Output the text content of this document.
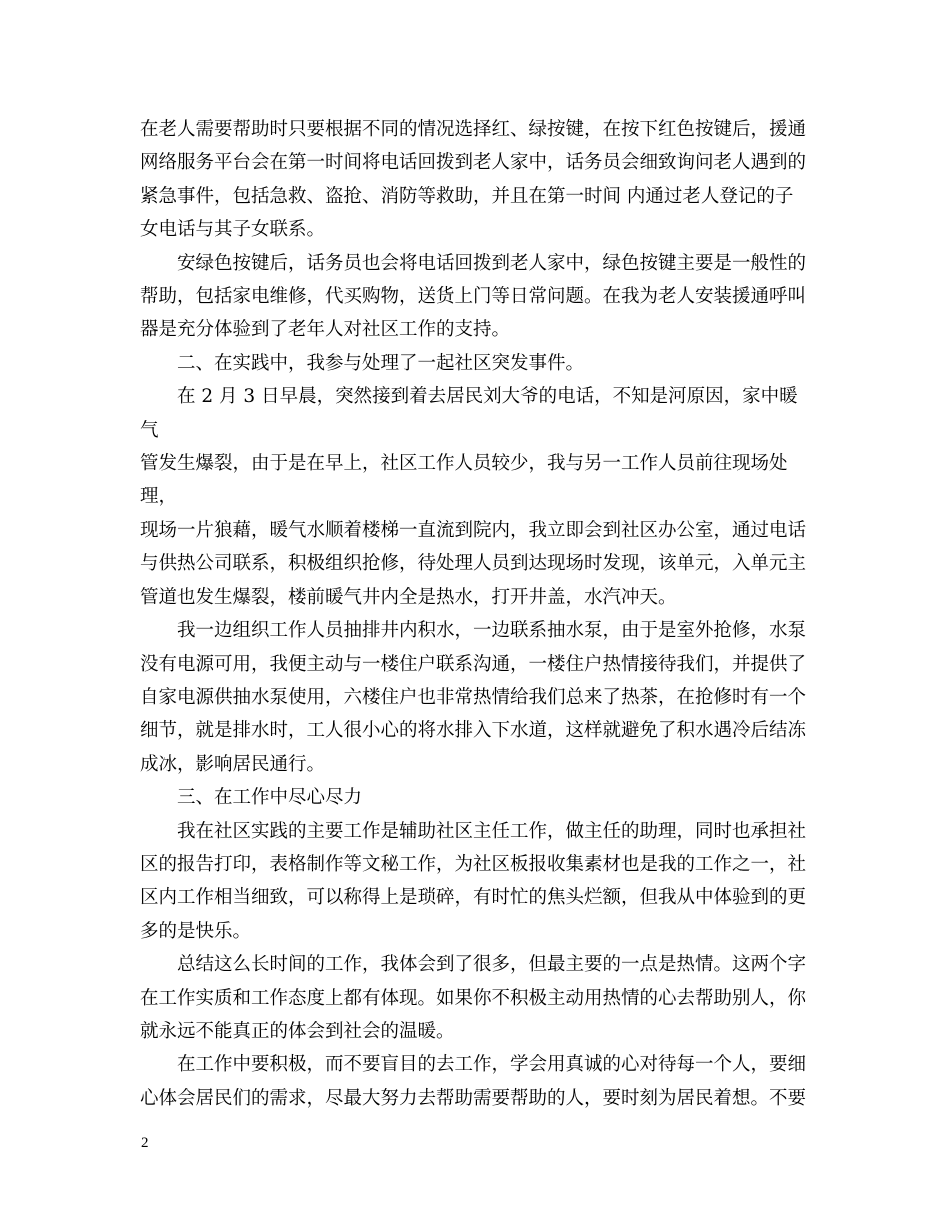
在老人需要帮助时只要根据不同的情况选择红、绿按键，在按下红色按键后，援通
网络服务平台会在第一时间将电话回拨到老人家中，话务员会细致询问老人遇到的
紧急事件，包括急救、盗抢、消防等救助，并且在第一时间 内通过老人登记的子
女电话与其子女联系。

安绿色按键后，话务员也会将电话回拨到老人家中，绿色按键主要是一般性的
帮助，包括家电维修，代买购物，送货上门等日常问题。在我为老人安装援通呼叫
器是充分体验到了老年人对社区工作的支持。

二、在实践中，我参与处理了一起社区突发事件。

在 2 月 3 日早晨，突然接到着去居民刘大爷的电话，不知是河原因，家中暖气
管发生爆裂，由于是在早上，社区工作人员较少，我与另一工作人员前往现场处理，
现场一片狼藉，暖气水顺着楼梯一直流到院内，我立即会到社区办公室，通过电话
与供热公司联系，积极组织抢修，待处理人员到达现场时发现，该单元，入单元主
管道也发生爆裂，楼前暖气井内全是热水，打开井盖，水汽冲天。

我一边组织工作人员抽排井内积水，一边联系抽水泵，由于是室外抢修，水泵
没有电源可用，我便主动与一楼住户联系沟通，一楼住户热情接待我们，并提供了
自家电源供抽水泵使用，六楼住户也非常热情给我们总来了热茶，在抢修时有一个
细节，就是排水时，工人很小心的将水排入下水道，这样就避免了积水遇冷后结冻
成冰，影响居民通行。

三、在工作中尽心尽力

我在社区实践的主要工作是辅助社区主任工作，做主任的助理，同时也承担社
区的报告打印，表格制作等文秘工作，为社区板报收集素材也是我的工作之一，社
区内工作相当细致，可以称得上是琐碎，有时忙的焦头烂额，但我从中体验到的更
多的是快乐。

总结这么长时间的工作，我体会到了很多，但最主要的一点是热情。这两个字
在工作实质和工作态度上都有体现。如果你不积极主动用热情的心去帮助别人，你
就永远不能真正的体会到社会的温暖。

在工作中要积极，而不要盲目的去工作，学会用真诚的心对待每一个人，要细
心体会居民们的需求，尽最大努力去帮助需要帮助的人，要时刻为居民着想。不要

2
